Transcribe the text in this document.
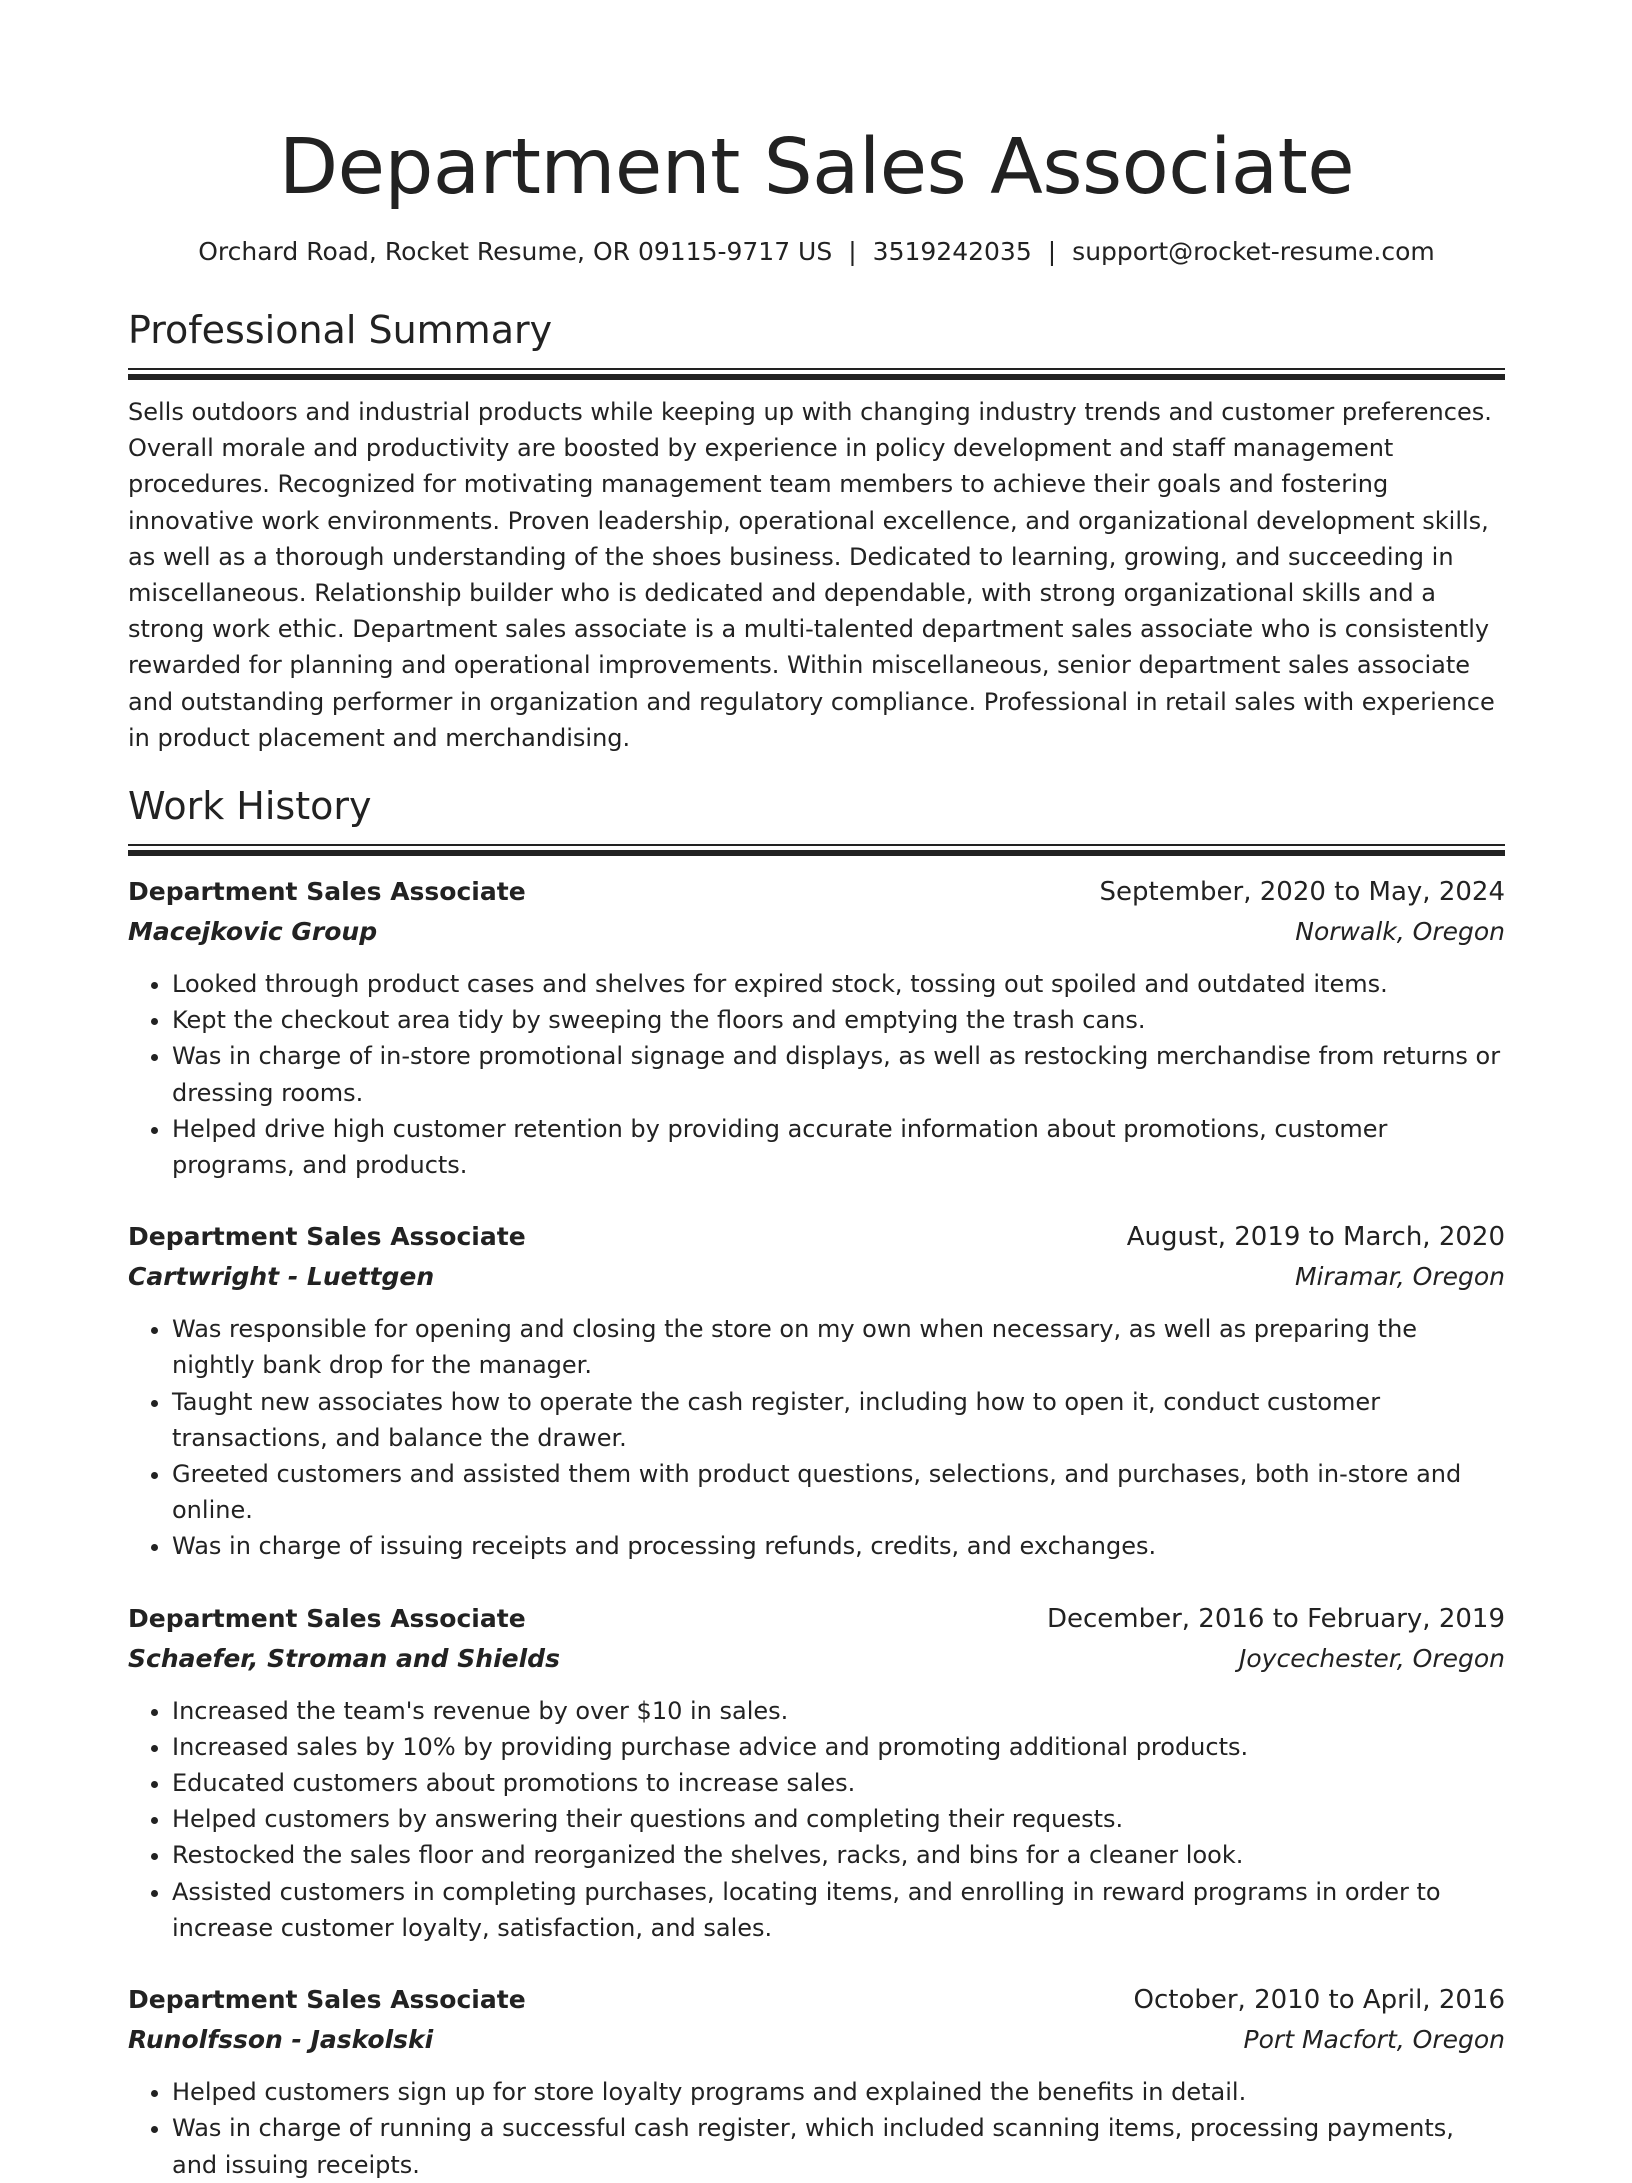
Department Sales Associate
Orchard Road, Rocket Resume, OR 09115-9717 US | 3519242035 | support@rocket-resume.com
Professional Summary

Sells outdoors and industrial products while keeping up with changing industry trends and customer preferences. Overall morale and productivity are boosted by experience in policy development and staff management procedures. Recognized for motivating management team members to achieve their goals and fostering innovative work environments. Proven leadership, operational excellence, and organizational development skills, as well as a thorough understanding of the shoes business. Dedicated to learning, growing, and succeeding in miscellaneous. Relationship builder who is dedicated and dependable, with strong organizational skills and a strong work ethic. Department sales associate is a multi-talented department sales associate who is consistently rewarded for planning and operational improvements. Within miscellaneous, senior department sales associate and outstanding performer in organization and regulatory compliance. Professional in retail sales with experience in product placement and merchandising.

Work History
Department Sales Associate	September, 2020 to May, 2024
Macejkovic Group	Norwalk, Oregon
• Looked through product cases and shelves for expired stock, tossing out spoiled and outdated items.
• Kept the checkout area tidy by sweeping the floors and emptying the trash cans.
• Was in charge of in-store promotional signage and displays, as well as restocking merchandise from returns or dressing rooms.
• Helped drive high customer retention by providing accurate information about promotions, customer programs, and products.
Department Sales Associate	August, 2019 to March, 2020
Cartwright - Luettgen	Miramar, Oregon
• Was responsible for opening and closing the store on my own when necessary, as well as preparing the nightly bank drop for the manager.
• Taught new associates how to operate the cash register, including how to open it, conduct customer transactions, and balance the drawer.
• Greeted customers and assisted them with product questions, selections, and purchases, both in-store and online.
• Was in charge of issuing receipts and processing refunds, credits, and exchanges.
Department Sales Associate	December, 2016 to February, 2019
Schaefer, Stroman and Shields	Joycechester, Oregon
• Increased the team's revenue by over $10 in sales.
• Increased sales by 10% by providing purchase advice and promoting additional products.
• Educated customers about promotions to increase sales.
• Helped customers by answering their questions and completing their requests.
• Restocked the sales floor and reorganized the shelves, racks, and bins for a cleaner look.
• Assisted customers in completing purchases, locating items, and enrolling in reward programs in order to increase customer loyalty, satisfaction, and sales.
Department Sales Associate	October, 2010 to April, 2016
Runolfsson - Jaskolski	Port Macfort, Oregon
• Helped customers sign up for store loyalty programs and explained the benefits in detail.
• Was in charge of running a successful cash register, which included scanning items, processing payments, and issuing receipts.
